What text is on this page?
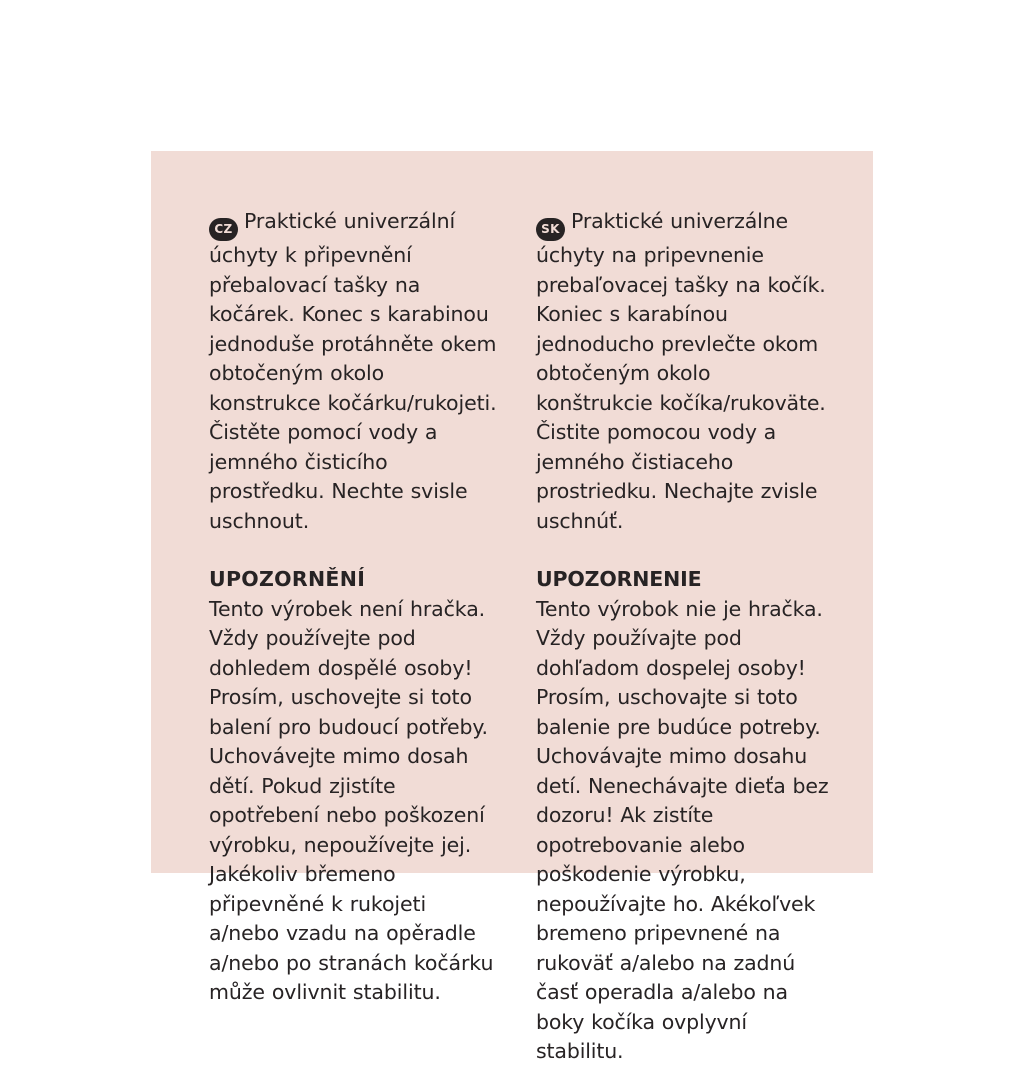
CZ Praktické univerzální úchyty k připevnění přebalovací tašky na kočárek. Konec s karabinou jednoduše protáhněte okem obtočeným okolo konstrukce kočárku/rukojeti. Čistěte pomocí vody a jemného čisticího prostředku. Nechte svisle uschnout.

UPOZORNĚNÍ

Tento výrobek není hračka. Vždy používejte pod dohledem dospělé osoby! Prosím, uschovejte si toto balení pro budoucí potřeby. Uchovávejte mimo dosah dětí. Pokud zjistíte opotřebení nebo poškození výrobku, nepoužívejte jej. Jakékoliv břemeno připevněné k rukojeti a/nebo vzadu na opěradle a/nebo po stranách kočárku může ovlivnit stabilitu.

SK Praktické univerzálne úchyty na pripevnenie prebaľovacej tašky na kočík. Koniec s karabínou jednoducho prevlečte okom obtočeným okolo konštrukcie kočíka/rukoväte. Čistite pomocou vody a jemného čistiaceho prostriedku. Nechajte zvisle uschnúť.

UPOZORNENIE

Tento výrobok nie je hračka. Vždy používajte pod dohľadom dospelej osoby! Prosím, uschovajte si toto balenie pre budúce potreby. Uchovávajte mimo dosahu detí. Nenechávajte dieťa bez dozoru! Ak zistíte opotrebovanie alebo poškodenie výrobku, nepoužívajte ho. Akékoľvek bremeno pripevnené na rukoväť a/alebo na zadnú časť operadla a/alebo na boky kočíka ovplyvní stabilitu.
